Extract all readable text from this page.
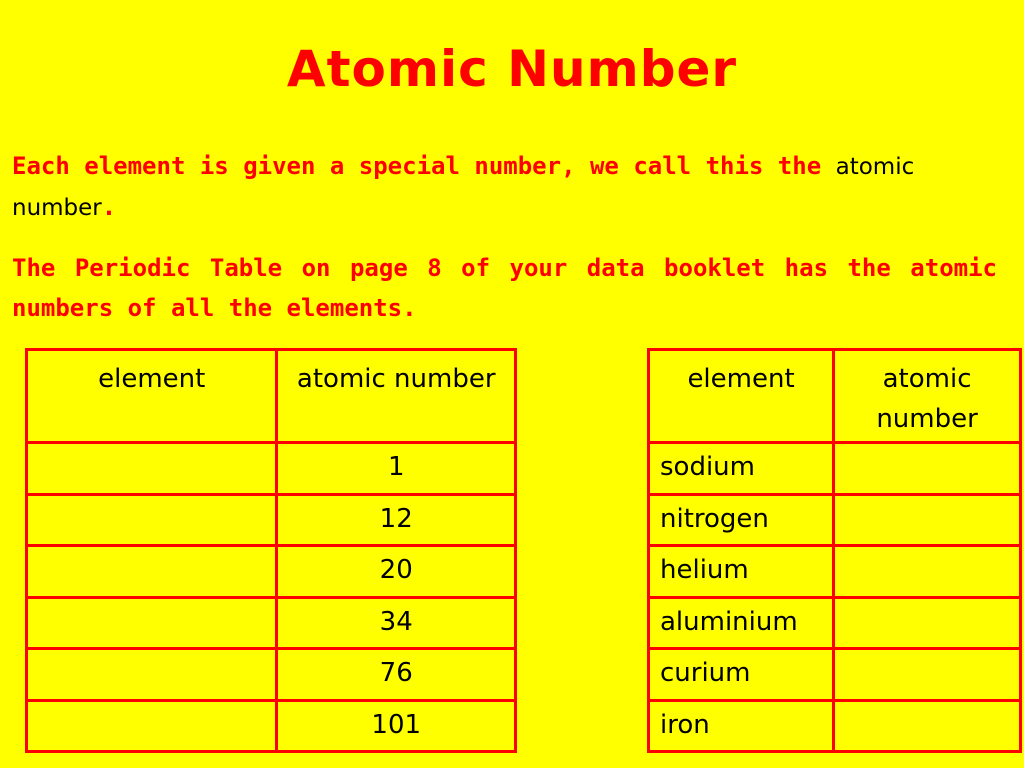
Atomic Number
Each element is given a special number, we call this the atomic number.
The Periodic Table on page 8 of your data booklet has the atomic numbers of all the elements.
element	atomic number
	1
	12
	20
	34
	76
	101
element	atomic number
sodium	
nitrogen	
helium	
aluminium	
curium	
iron	
